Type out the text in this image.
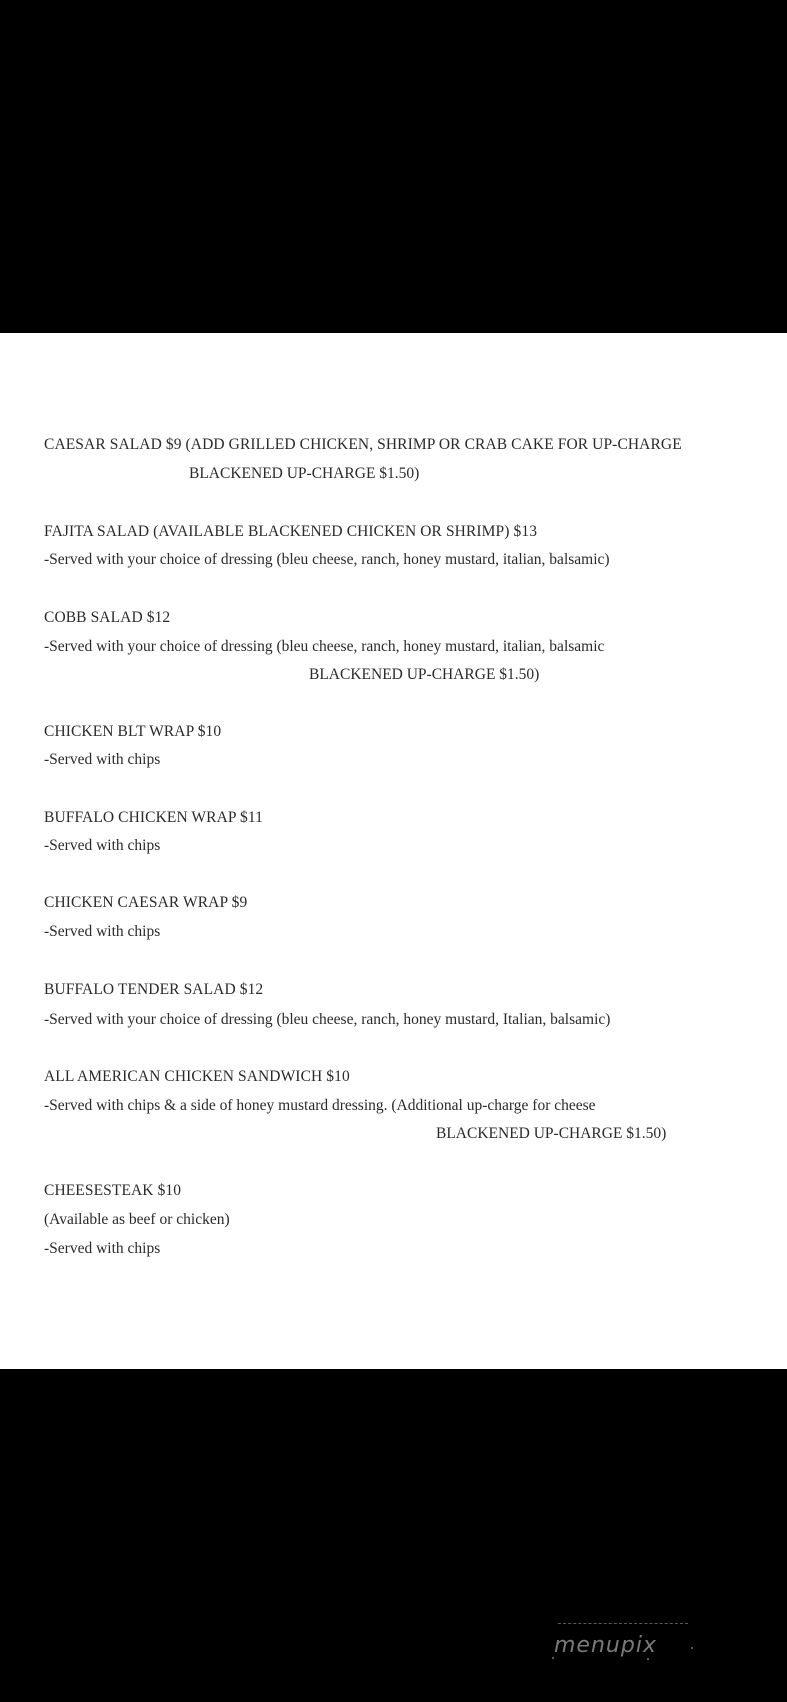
CAESAR SALAD $9 (ADD GRILLED CHICKEN, SHRIMP OR CRAB CAKE FOR UP-CHARGE
BLACKENED UP-CHARGE $1.50)
FAJITA SALAD (AVAILABLE BLACKENED CHICKEN OR SHRIMP) $13
-Served with your choice of dressing (bleu cheese, ranch, honey mustard, italian, balsamic)
COBB SALAD $12
-Served with your choice of dressing (bleu cheese, ranch, honey mustard, italian, balsamic
BLACKENED UP-CHARGE $1.50)
CHICKEN BLT WRAP $10
-Served with chips
BUFFALO CHICKEN WRAP $11
-Served with chips
CHICKEN CAESAR WRAP $9
-Served with chips
BUFFALO TENDER SALAD $12
-Served with your choice of dressing (bleu cheese, ranch, honey mustard, Italian, balsamic)
ALL AMERICAN CHICKEN SANDWICH $10
-Served with chips & a side of honey mustard dressing. (Additional up-charge for cheese
BLACKENED UP-CHARGE $1.50)
CHEESESTEAK $10
(Available as beef or chicken)
-Served with chips
menupix
